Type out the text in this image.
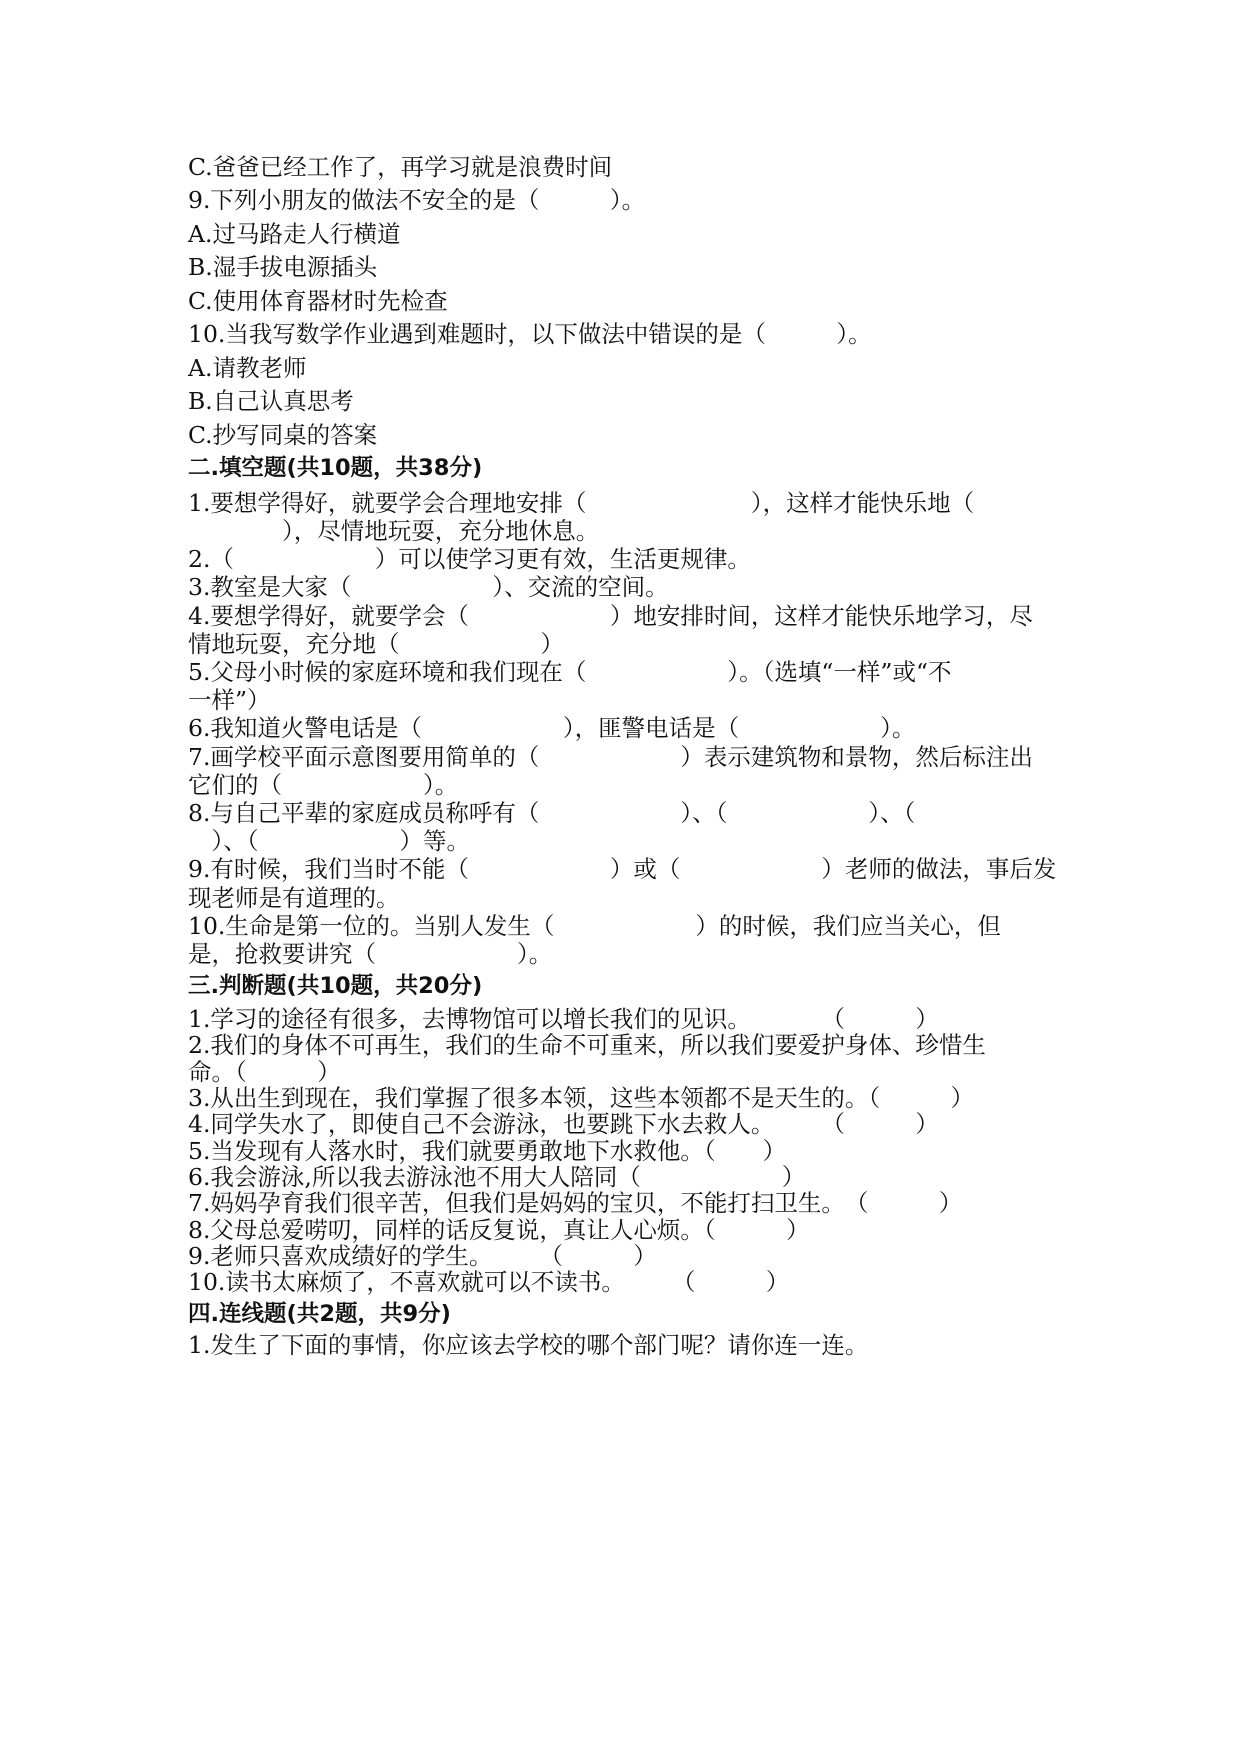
C.爸爸已经工作了，再学习就是浪费时间

9.下列小朋友的做法不安全的是（　　　）。

A.过马路走人行横道

B.湿手拔电源插头

C.使用体育器材时先检查

10.当我写数学作业遇到难题时，以下做法中错误的是（　　　）。

A.请教老师

B.自己认真思考

C.抄写同桌的答案

二.填空题(共10题，共38分)

1.要想学得好，就要学会合理地安排（　　　　　　　），这样才能快乐地（

　　　　），尽情地玩耍，充分地休息。

2.（　　　　　　）可以使学习更有效，生活更规律。

3.教室是大家（　　　　　　）、交流的空间。

4.要想学得好，就要学会（　　　　　　）地安排时间，这样才能快乐地学习，尽

情地玩耍，充分地（　　　　　　）

5.父母小时候的家庭环境和我们现在（　　　　　　）。（选填“一样”或“不

一样”）

6.我知道火警电话是（　　　　　　），匪警电话是（　　　　　　）。

7.画学校平面示意图要用简单的（　　　　　　）表示建筑物和景物，然后标注出

它们的（　　　　　　）。

8.与自己平辈的家庭成员称呼有（　　　　　　）、（　　　　　　）、（

　）、（　　　　　　）等。

9.有时候，我们当时不能（　　　　　　）或（　　　　　　）老师的做法，事后发

现老师是有道理的。

10.生命是第一位的。当别人发生（　　　　　　）的时候，我们应当关心，但

是，抢救要讲究（　　　　　　）。

三.判断题(共10题，共20分)

1.学习的途径有很多，去博物馆可以增长我们的见识。　　　　（　　　）

2.我们的身体不可再生，我们的生命不可重来，所以我们要爱护身体、珍惜生

命。（　　　）

3.从出生到现在，我们掌握了很多本领，这些本领都不是天生的。（　　　）

4.同学失水了，即使自己不会游泳，也要跳下水去救人。　　　（　　　）

5.当发现有人落水时，我们就要勇敢地下水救他。（　　）

6.我会游泳,所以我去游泳池不用大人陪同（　　　　　　）

7.妈妈孕育我们很辛苦，但我们是妈妈的宝贝，不能打扫卫生。　（　　　）

8.父母总爱唠叨，同样的话反复说，真让人心烦。（　　　）

9.老师只喜欢成绩好的学生。　　　（　　　）

10.读书太麻烦了，不喜欢就可以不读书。　　　（　　　）

四.连线题(共2题，共9分)

1.发生了下面的事情，你应该去学校的哪个部门呢？请你连一连。
